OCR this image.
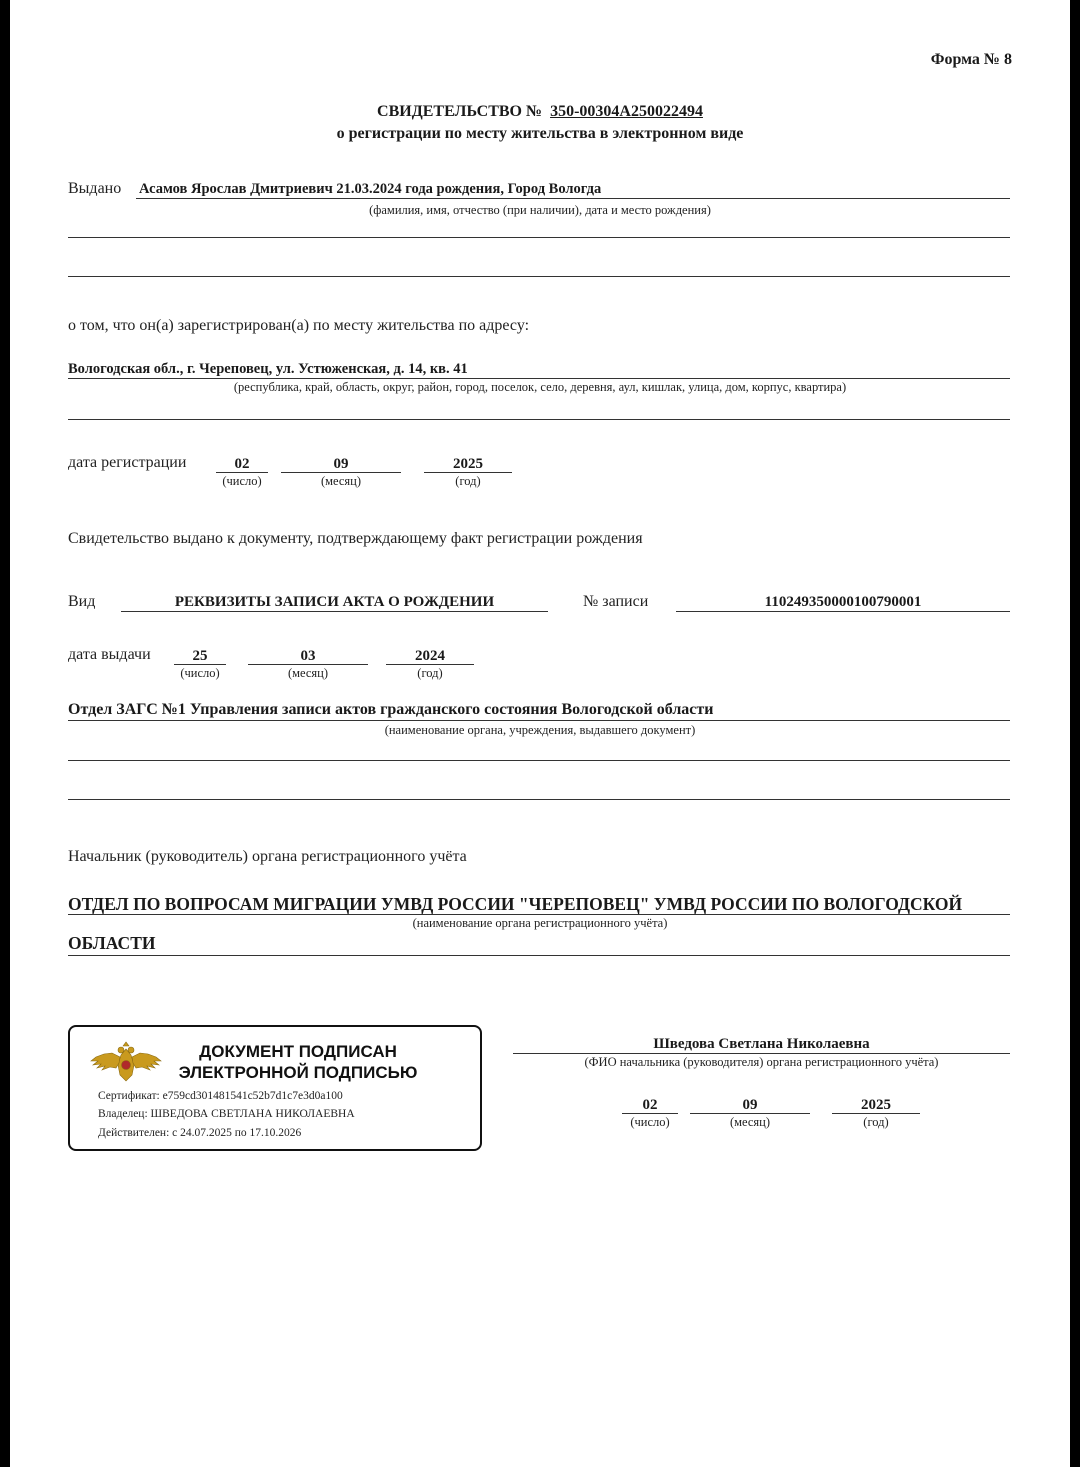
Форма № 8
СВИДЕТЕЛЬСТВО № 350-00304А250022494
о регистрации по месту жительства в электронном виде
Выдано Асамов Ярослав Дмитриевич 21.03.2024 года рождения, Город Вологда
(фамилия, имя, отчество (при наличии), дата и место рождения)
о том, что он(а) зарегистрирован(а) по месту жительства по адресу:
Вологодская обл., г. Череповец, ул. Устюженская, д. 14, кв. 41
(республика, край, область, округ, район, город, поселок, село, деревня, аул, кишлак, улица, дом, корпус, квартира)
дата регистрации	02
(число)
09
(месяц)
2025
(год)
Свидетельство выдано к документу, подтверждающему факт регистрации рождения
Вид	РЕКВИЗИТЫ ЗАПИСИ АКТА О РОЖДЕНИИ	№ записи	110249350000100790001
дата выдачи	25
(число)
03
(месяц)
2024
(год)
Отдел ЗАГС №1 Управления записи актов гражданского состояния Вологодской области
(наименование органа, учреждения, выдавшего документ)
Начальник (руководитель) органа регистрационного учёта
ОТДЕЛ ПО ВОПРОСАМ МИГРАЦИИ УМВД РОССИИ "ЧЕРЕПОВЕЦ" УМВД РОССИИ ПО ВОЛОГОДСКОЙ
(наименование органа регистрационного учёта)
ОБЛАСТИ
ДОКУМЕНТ ПОДПИСАН
ЭЛЕКТРОННОЙ ПОДПИСЬЮ
Сертификат: e759cd301481541c52b7d1c7e3d0a100
Владелец: ШВЕДОВА СВЕТЛАНА НИКОЛАЕВНА
Действителен: с 24.07.2025 по 17.10.2026
Шведова Светлана Николаевна
(ФИО начальника (руководителя) органа регистрационного учёта)
02
(число)
09
(месяц)
2025
(год)
